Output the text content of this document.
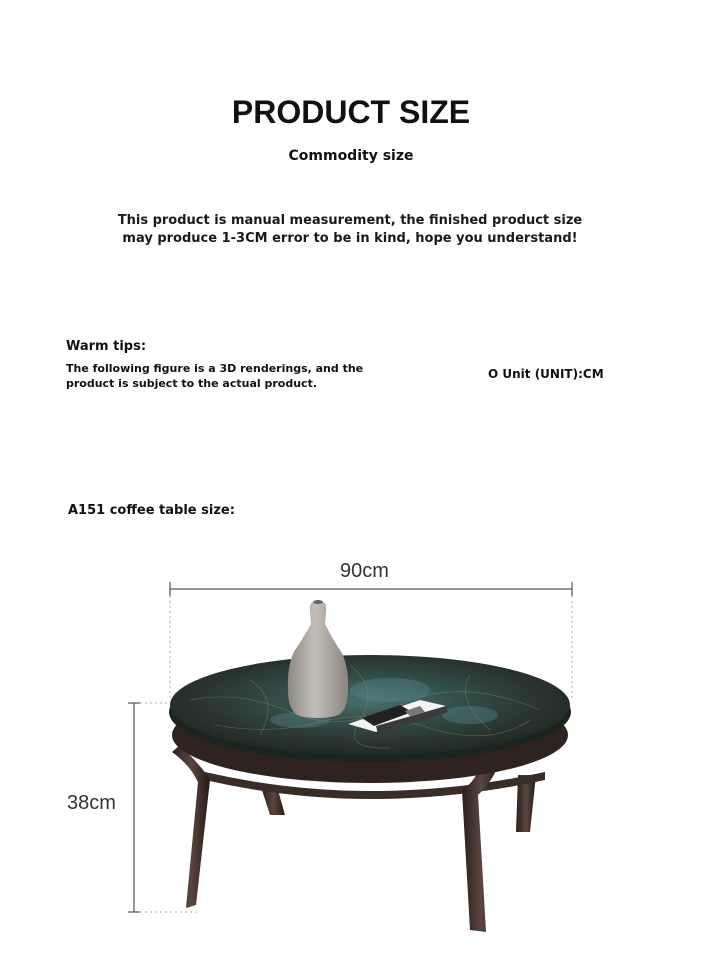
PRODUCT SIZE
Commodity size
This product is manual measurement, the finished product size
may produce 1-3CM error to be in kind, hope you understand!
Warm tips:
The following figure is a 3D renderings, and the
product is subject to the actual product.
O Unit (UNIT):CM
A151 coffee table size:
90cm
38cm
